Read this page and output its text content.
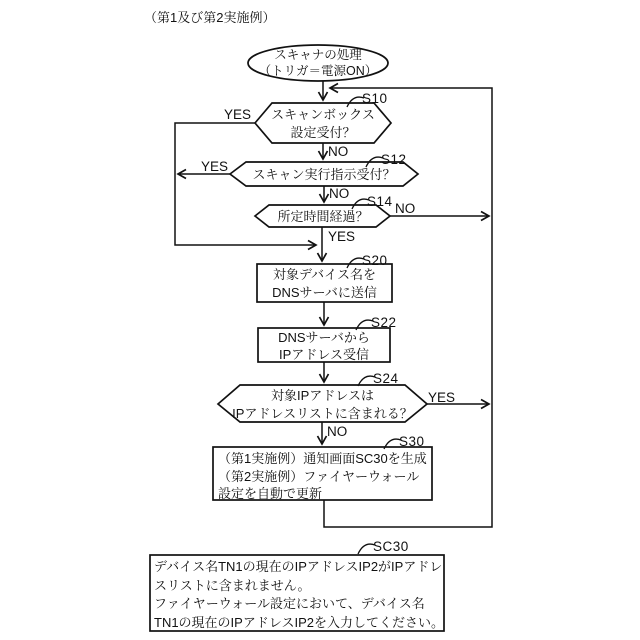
（第1及び第2実施例）
スキャナの処理
（トリガ＝電源ON）
S10
スキャンボックス
設定受付？
YES
NO
S12
スキャン実行指示受付？
YES
NO
S14
所定時間経過？
NO
YES
S20
対象デバイス名を
DNSサーバに送信
S22
DNSサーバから
IPアドレス受信
S24
対象IPアドレスは
IPアドレスリストに含まれる？
YES
NO
S30
（第1実施例）通知画面SC30を生成
（第2実施例）ファイヤーウォール
設定を自動で更新
SC30
デバイス名TN1の現在のIPアドレスIP2がIPアドレ
スリストに含まれません。
ファイヤーウォール設定において、デバイス名
TN1の現在のIPアドレスIP2を入力してください。
